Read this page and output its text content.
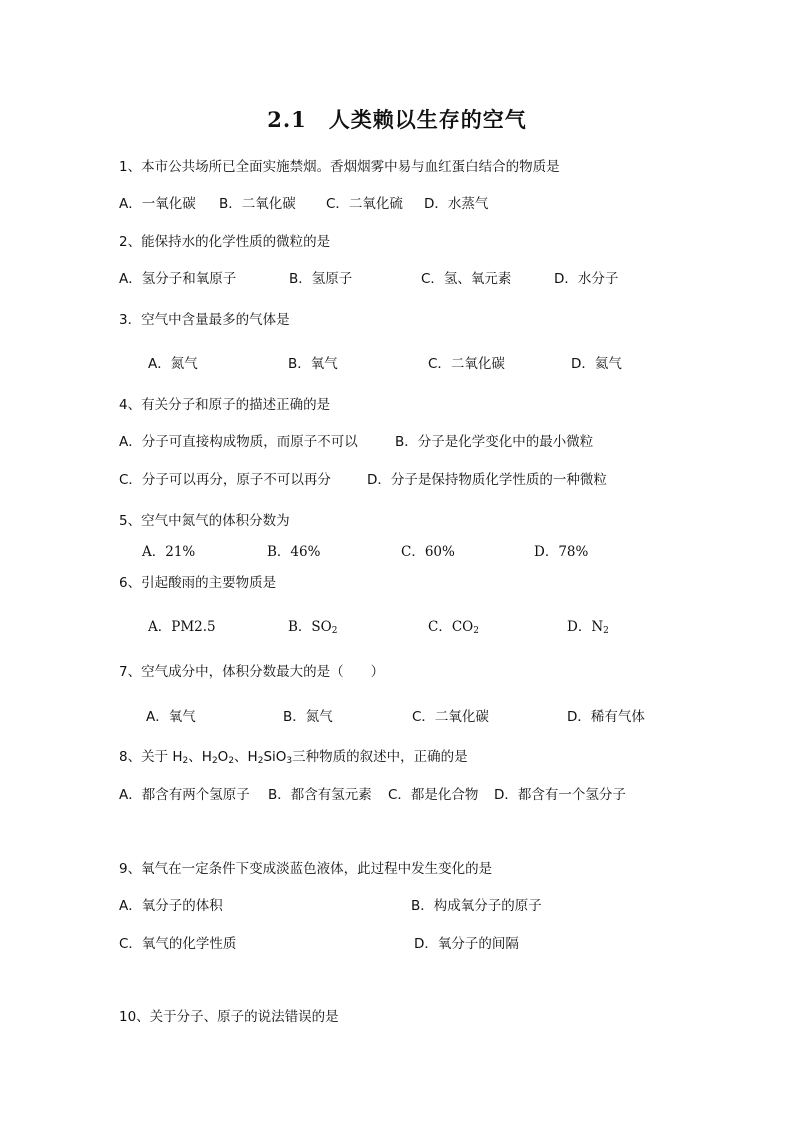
2.1 人类赖以生存的空气
1、本市公共场所已全面实施禁烟。香烟烟雾中易与血红蛋白结合的物质是
A．一氧化碳 B．二氧化碳 C．二氧化硫 D．水蒸气
2、能保持水的化学性质的微粒的是
A．氢分子和氧原子	B．氢原子	C．氢、氧元素	D．水分子
3．空气中含量最多的气体是
A．氮气	B．氧气	C．二氧化碳	D．氦气
4、有关分子和原子的描述正确的是
A．分子可直接构成物质，而原子不可以	B．分子是化学变化中的最小微粒
C．分子可以再分，原子不可以再分	D．分子是保持物质化学性质的一种微粒
5、空气中氮气的体积分数为
A．21%	B．46%	C．60%	D．78%
6、引起酸雨的主要物质是
A．PM2.5	B．$SO_2$	C．$CO_2$	D．$N_2$
7、空气成分中，体积分数最大的是（　　）
A．氧气	B．氮气	C．二氧化碳	D．稀有气体
8、关于 $H_2$、$H_2O_2$、$H_2SiO_3$三种物质的叙述中，正确的是
A．都含有两个氢原子 B．都含有氢元素 C．都是化合物 D．都含有一个氢分子
9、氧气在一定条件下变成淡蓝色液体，此过程中发生变化的是
A．氧分子的体积	B．构成氧分子的原子
C．氧气的化学性质	D．氧分子的间隔
10、关于分子、原子的说法错误的是
